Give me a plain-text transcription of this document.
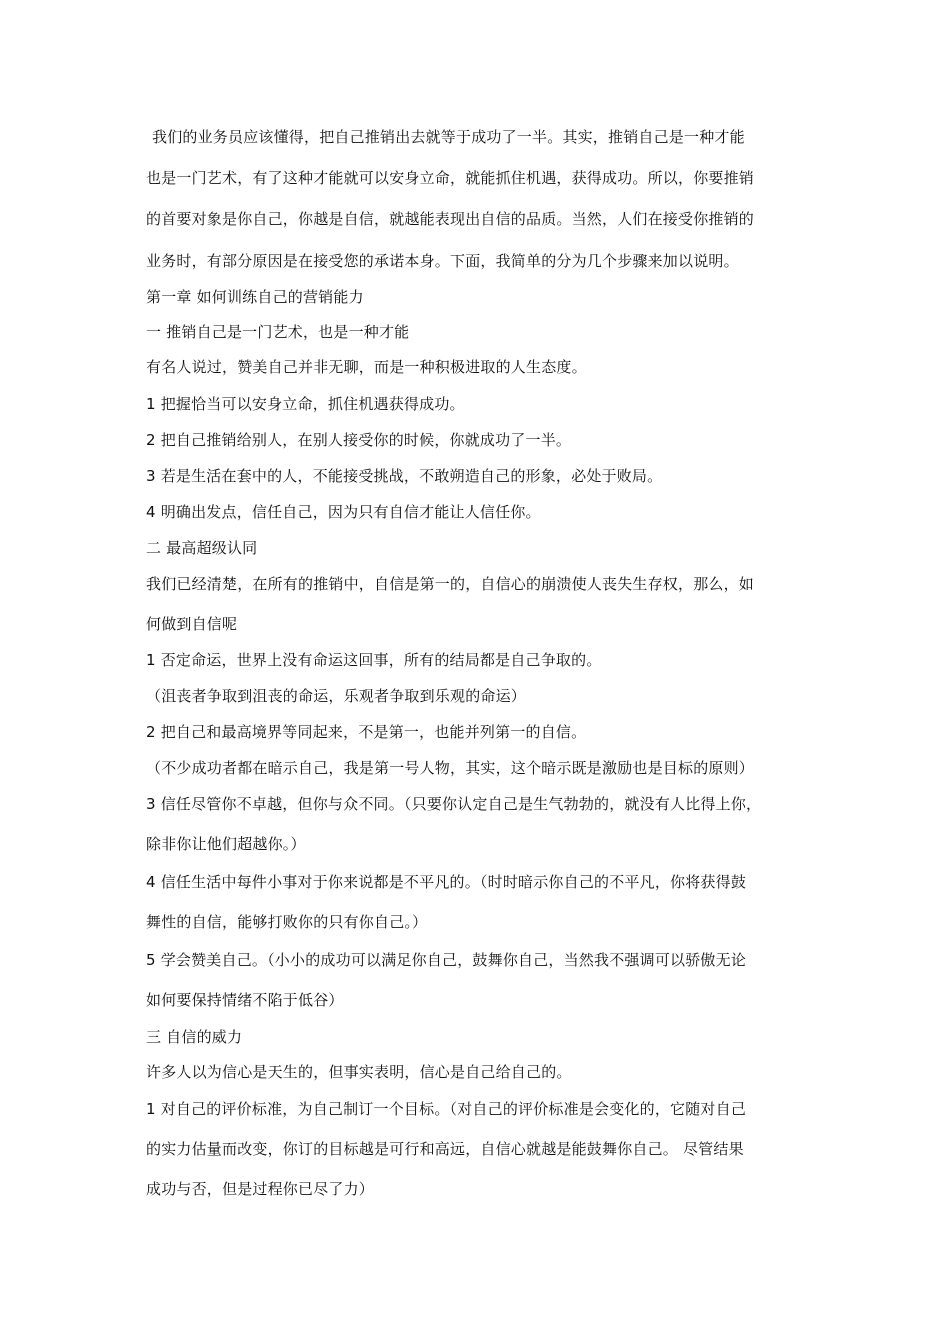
我们的业务员应该懂得，把自己推销出去就等于成功了一半。其实，推销自己是一种才能
也是一门艺术，有了这种才能就可以安身立命，就能抓住机遇，获得成功。所以，你要推销
的首要对象是你自己，你越是自信，就越能表现出自信的品质。当然，人们在接受你推销的
业务时，有部分原因是在接受您的承诺本身。下面，我简单的分为几个步骤来加以说明。
第一章 如何训练自己的营销能力
一 推销自己是一门艺术，也是一种才能
有名人说过，赞美自己并非无聊，而是一种积极进取的人生态度。
1 把握恰当可以安身立命，抓住机遇获得成功。
2 把自己推销给别人，在别人接受你的时候，你就成功了一半。
3 若是生活在套中的人，不能接受挑战，不敢朔造自己的形象，必处于败局。
4 明确出发点，信任自己，因为只有自信才能让人信任你。
二 最高超级认同
我们已经清楚，在所有的推销中，自信是第一的，自信心的崩溃使人丧失生存权，那么，如
何做到自信呢
1 否定命运，世界上没有命运这回事，所有的结局都是自己争取的。
（沮丧者争取到沮丧的命运，乐观者争取到乐观的命运）
2 把自己和最高境界等同起来，不是第一，也能并列第一的自信。
（不少成功者都在暗示自己，我是第一号人物，其实，这个暗示既是激励也是目标的原则）
3 信任尽管你不卓越，但你与众不同。（只要你认定自己是生气勃勃的，就没有人比得上你，
除非你让他们超越你。）
4 信任生活中每件小事对于你来说都是不平凡的。（时时暗示你自己的不平凡，你将获得鼓
舞性的自信，能够打败你的只有你自己。）
5 学会赞美自己。（小小的成功可以满足你自己，鼓舞你自己，当然我不强调可以骄傲无论
如何要保持情绪不陷于低谷）
三 自信的威力
许多人以为信心是天生的，但事实表明，信心是自己给自己的。
1 对自己的评价标准，为自己制订一个目标。（对自己的评价标准是会变化的，它随对自己
的实力估量而改变，你订的目标越是可行和高远，自信心就越是能鼓舞你自己。 尽管结果
成功与否，但是过程你已尽了力）
